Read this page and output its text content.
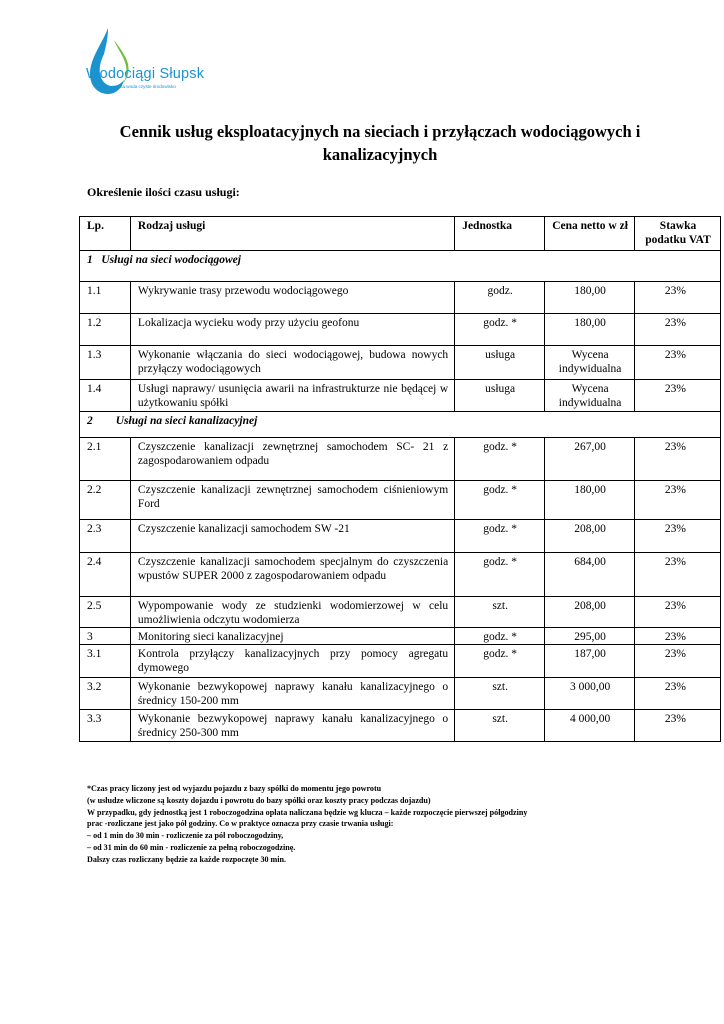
Wodociągi Słupsk
czysta woda czyste środowisko
Cennik usług eksploatacyjnych na sieciach i przyłączach wodociągowych i kanalizacyjnych

Określenie ilości czasu usługi:

Lp.	Rodzaj usługi	Jednostka	Cena netto w zł	Stawka podatku VAT
1 Usługi na sieci wodociągowej				
1.1	Wykrywanie trasy przewodu wodociągowego	godz.	180,00	23%
1.2	Lokalizacja wycieku wody przy użyciu geofonu	godz. *	180,00	23%
1.3	Wykonanie włączania do sieci wodociągowej, budowa nowych przyłączy wodociągowych	usługa	Wycena indywidualna	23%
1.4	Usługi naprawy/ usunięcia awarii na infrastrukturze nie będącej w użytkowaniu spółki	usługa	Wycena indywidualna	23%
2 Usługi na sieci kanalizacyjnej				
2.1	Czyszczenie kanalizacji zewnętrznej samochodem SC- 21 z zagospodarowaniem odpadu	godz. *	267,00	23%
2.2	Czyszczenie kanalizacji zewnętrznej samochodem ciśnieniowym Ford	godz. *	180,00	23%
2.3	Czyszczenie kanalizacji samochodem SW -21	godz. *	208,00	23%
2.4	Czyszczenie kanalizacji samochodem specjalnym do czyszczenia wpustów SUPER 2000 z zagospodarowaniem odpadu	godz. *	684,00	23%
2.5	Wypompowanie wody ze studzienki wodomierzowej w celu umożliwienia odczytu wodomierza	szt.	208,00	23%
3	Monitoring sieci kanalizacyjnej	godz. *	295,00	23%
3.1	Kontrola przyłączy kanalizacyjnych przy pomocy agregatu dymowego	godz. *	187,00	23%
3.2	Wykonanie bezwykopowej naprawy kanału kanalizacyjnego o średnicy 150-200 mm	szt.	3 000,00	23%
3.3	Wykonanie bezwykopowej naprawy kanału kanalizacyjnego o średnicy 250-300 mm	szt.	4 000,00	23%

*Czas pracy liczony jest od wyjazdu pojazdu z bazy spółki do momentu jego powrotu

(w usłudze wliczone są koszty dojazdu i powrotu do bazy spółki oraz koszty pracy podczas dojazdu)

W przypadku, gdy jednostką jest 1 roboczogodzina opłata naliczana będzie wg klucza – każde rozpoczęcie pierwszej półgodziny

prac -rozliczane jest jako pół godziny. Co w praktyce oznacza przy czasie trwania usługi:

– od 1 min do 30 min - rozliczenie za pół roboczogodziny,

– od 31 min do 60 min - rozliczenie za pełną roboczogodzinę.

Dalszy czas rozliczany będzie za każde rozpoczęte 30 min.
